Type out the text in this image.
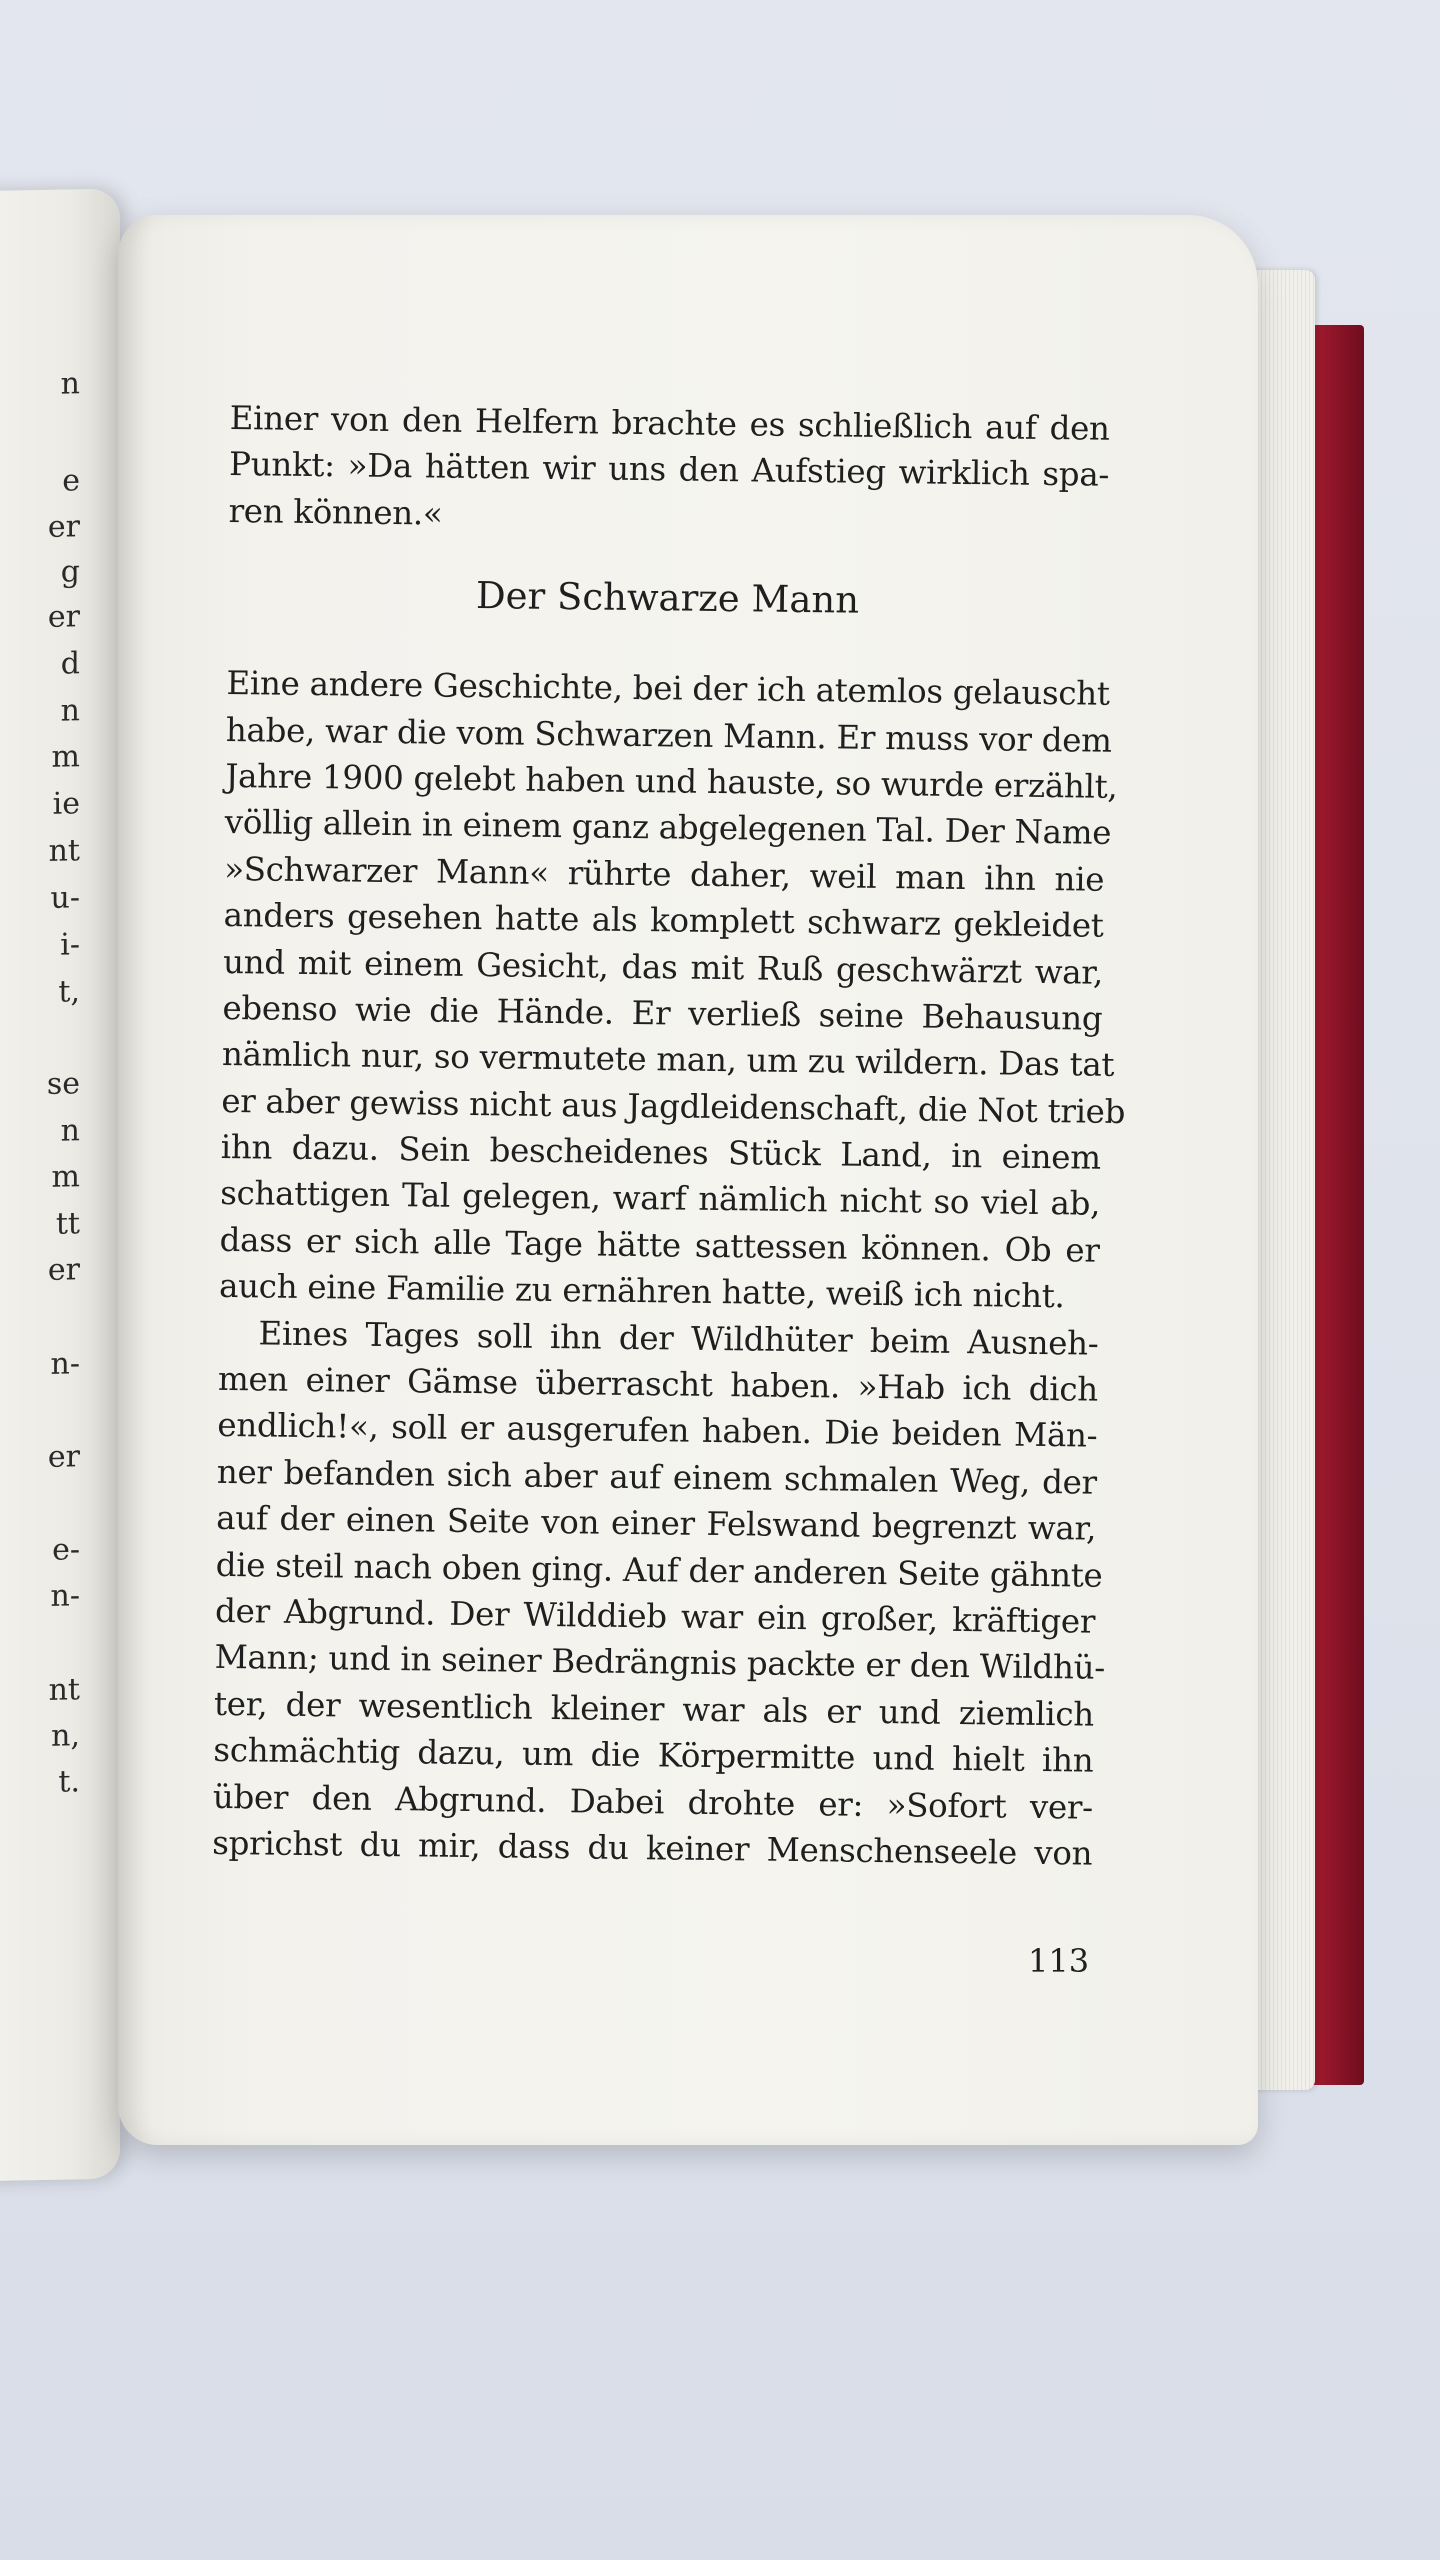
n
e
er
g
er
d
n
m
ie
nt
u-
i-
t,
se
n
m
tt
er
n-
er
e-
n-
nt
n,
t.
Einer von den Helfern brachte es schließlich auf den
Punkt: »Da hätten wir uns den Aufstieg wirklich spa-
ren können.«
Der Schwarze Mann
Eine andere Geschichte, bei der ich atemlos gelauscht
habe, war die vom Schwarzen Mann. Er muss vor dem
Jahre 1900 gelebt haben und hauste, so wurde erzählt,
völlig allein in einem ganz abgelegenen Tal. Der Name
»Schwarzer Mann« rührte daher, weil man ihn nie
anders gesehen hatte als komplett schwarz gekleidet
und mit einem Gesicht, das mit Ruß geschwärzt war,
ebenso wie die Hände. Er verließ seine Behausung
nämlich nur, so vermutete man, um zu wildern. Das tat
er aber gewiss nicht aus Jagdleidenschaft, die Not trieb
ihn dazu. Sein bescheidenes Stück Land, in einem
schattigen Tal gelegen, warf nämlich nicht so viel ab,
dass er sich alle Tage hätte sattessen können. Ob er
auch eine Familie zu ernähren hatte, weiß ich nicht.
Eines Tages soll ihn der Wildhüter beim Ausneh-
men einer Gämse überrascht haben. »Hab ich dich
endlich!«, soll er ausgerufen haben. Die beiden Män-
ner befanden sich aber auf einem schmalen Weg, der
auf der einen Seite von einer Felswand begrenzt war,
die steil nach oben ging. Auf der anderen Seite gähnte
der Abgrund. Der Wilddieb war ein großer, kräftiger
Mann; und in seiner Bedrängnis packte er den Wildhü-
ter, der wesentlich kleiner war als er und ziemlich
schmächtig dazu, um die Körpermitte und hielt ihn
über den Abgrund. Dabei drohte er: »Sofort ver-
sprichst du mir, dass du keiner Menschenseele von
113
